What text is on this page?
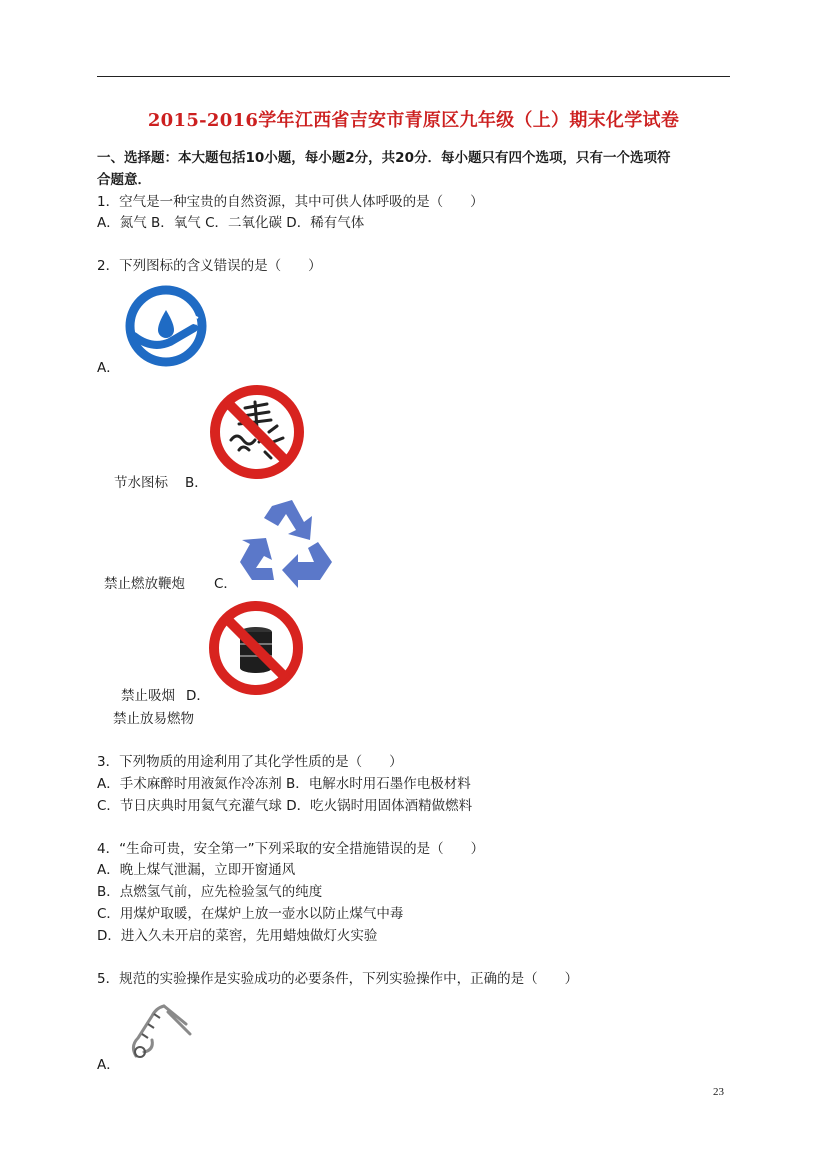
2015-2016学年江西省吉安市青原区九年级（上）期末化学试卷
一、选择题：本大题包括10小题，每小题2分，共20分．每小题只有四个选项，只有一个选项符
合题意．
1．空气是一种宝贵的自然资源，其中可供人体呼吸的是（　　）
A．氮气 B．氧气 C．二氧化碳 D．稀有气体
2．下列图标的含义错误的是（　　）
A．
节水图标 B．
禁止燃放鞭炮 C．
禁止吸烟 D．
禁止放易燃物
3．下列物质的用途利用了其化学性质的是（　　）
A．手术麻醉时用液氮作冷冻剂 B．电解水时用石墨作电极材料
C．节日庆典时用氦气充灌气球 D．吃火锅时用固体酒精做燃料
4．“生命可贵，安全第一”下列采取的安全措施错误的是（　　）
A．晚上煤气泄漏，立即开窗通风
B．点燃氢气前，应先检验氢气的纯度
C．用煤炉取暖，在煤炉上放一壶水以防止煤气中毒
D．进入久未开启的菜窖，先用蜡烛做灯火实验
5．规范的实验操作是实验成功的必要条件，下列实验操作中，正确的是（　　）
A．
23
